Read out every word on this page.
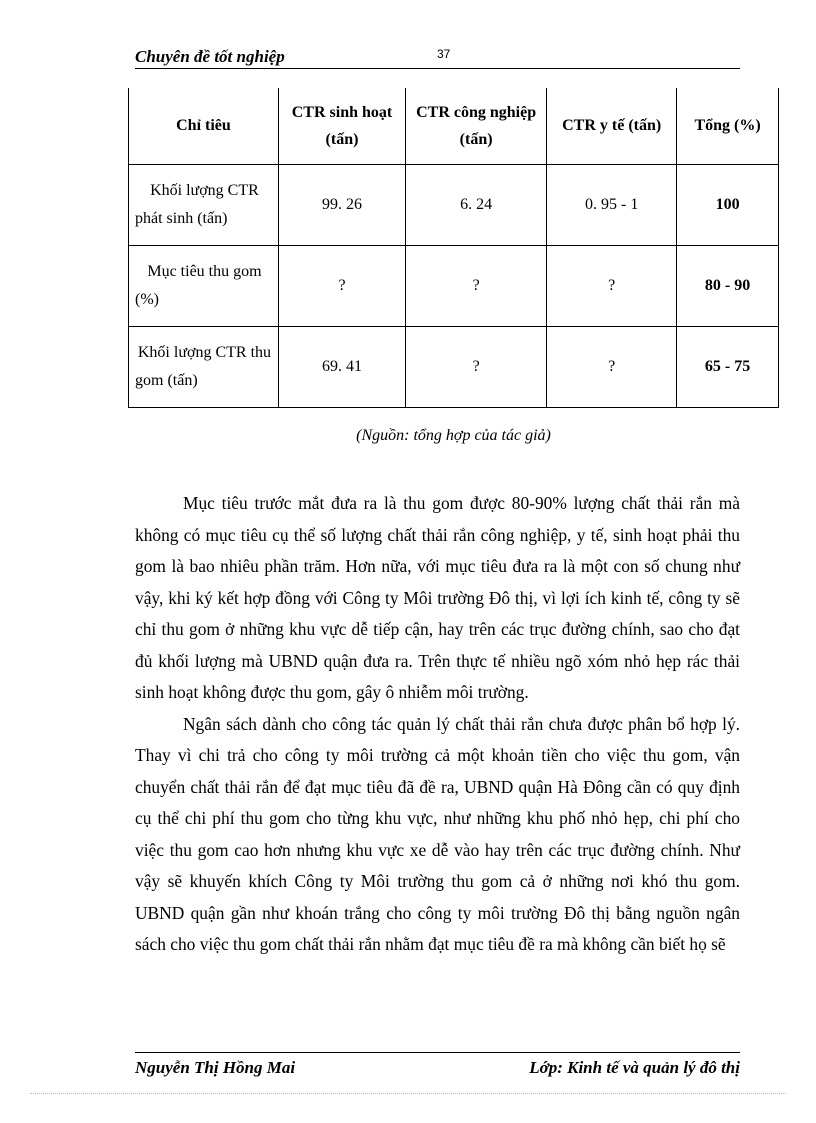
Chuyên đề tốt nghiệp	37
Chỉ tiêu	CTR sinh hoạt (tấn)	CTR công nghiệp (tấn)	CTR y tế (tấn)	Tổng (%)
Khối lượng CTR phát sinh (tấn)	99. 26	6. 24	0. 95 - 1	100
Mục tiêu thu gom (%)	?	?	?	80 - 90
Khối lượng CTR thu gom (tấn)	69. 41	?	?	65 - 75
(Nguồn: tổng hợp của tác giả)

Mục tiêu trước mắt đưa ra là thu gom được 80-90% lượng chất thải rắn mà không có mục tiêu cụ thể số lượng chất thải rắn công nghiệp, y tế, sinh hoạt phải thu gom là bao nhiêu phần trăm. Hơn nữa, với mục tiêu đưa ra là một con số chung như vậy, khi ký kết hợp đồng với Công ty Môi trường Đô thị, vì lợi ích kinh tế, công ty sẽ chỉ thu gom ở những khu vực dễ tiếp cận, hay trên các trục đường chính, sao cho đạt đủ khối lượng mà UBND quận đưa ra. Trên thực tế nhiều ngõ xóm nhỏ hẹp rác thải sinh hoạt không được thu gom, gây ô nhiễm môi trường.

Ngân sách dành cho công tác quản lý chất thải rắn chưa được phân bổ hợp lý. Thay vì chi trả cho công ty môi trường cả một khoản tiền cho việc thu gom, vận chuyển chất thải rắn để đạt mục tiêu đã đề ra, UBND quận Hà Đông cần có quy định cụ thể chi phí thu gom cho từng khu vực, như những khu phố nhỏ hẹp, chi phí cho việc thu gom cao hơn nhưng khu vực xe dễ vào hay trên các trục đường chính. Như vậy sẽ khuyến khích Công ty Môi trường thu gom cả ở những nơi khó thu gom. UBND quận gần như khoán trắng cho công ty môi trường Đô thị bằng nguồn ngân sách cho việc thu gom chất thải rắn nhằm đạt mục tiêu đề ra mà không cần biết họ sẽ

Nguyễn Thị Hồng Mai	Lớp: Kinh tế và quản lý đô thị
